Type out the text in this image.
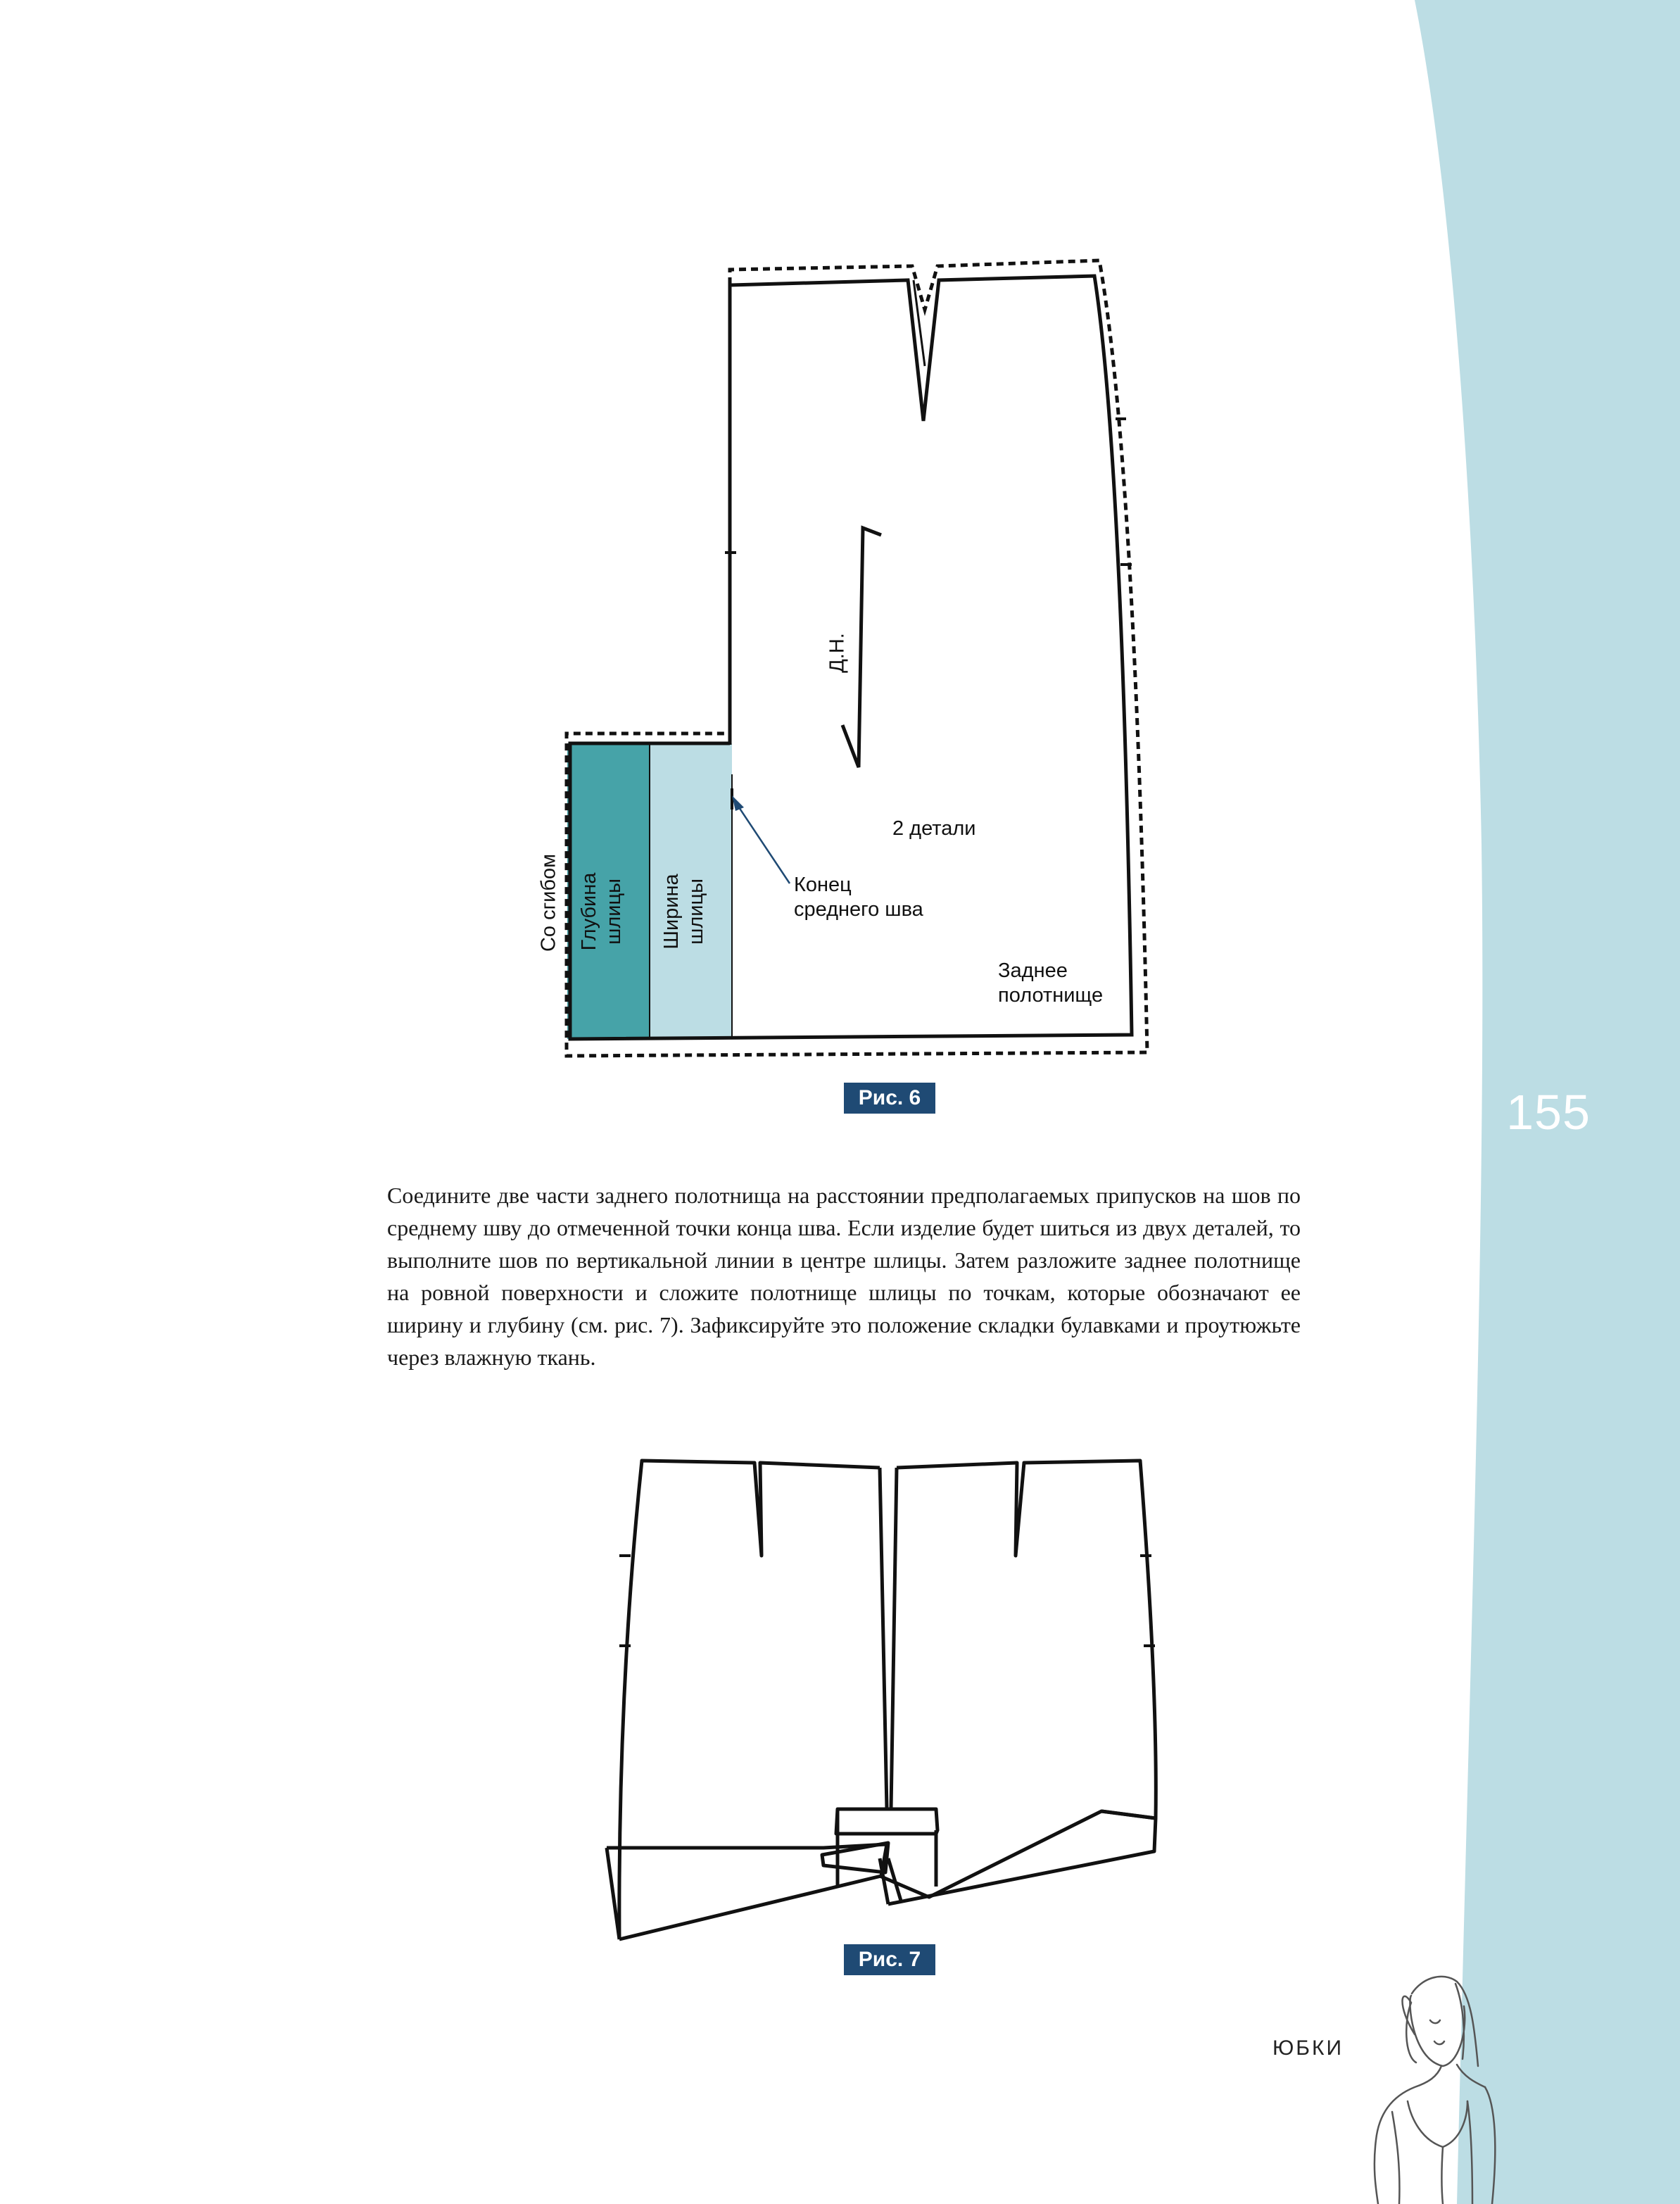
155
Д.Н.
2 детали
Конец
среднего шва
Заднее
полотнище
Со сгибом Глубина шлицы Ширина шлицы
Рис. 6
Соедините две части заднего полотнища на расстоянии предполагаемых припусков на шов по среднему шву до отмеченной точки конца шва. Если изделие будет шиться из двух деталей, то выполните шов по вертикальной линии в центре шлицы. Затем разложите заднее полотнище на ровной поверхности и сложите полотнище шлицы по точкам, которые обозначают ее ширину и глубину (см. рис. 7). Зафиксируйте это положение складки булавками и проутюжьте через влажную ткань.
Рис. 7
ЮБКИ
